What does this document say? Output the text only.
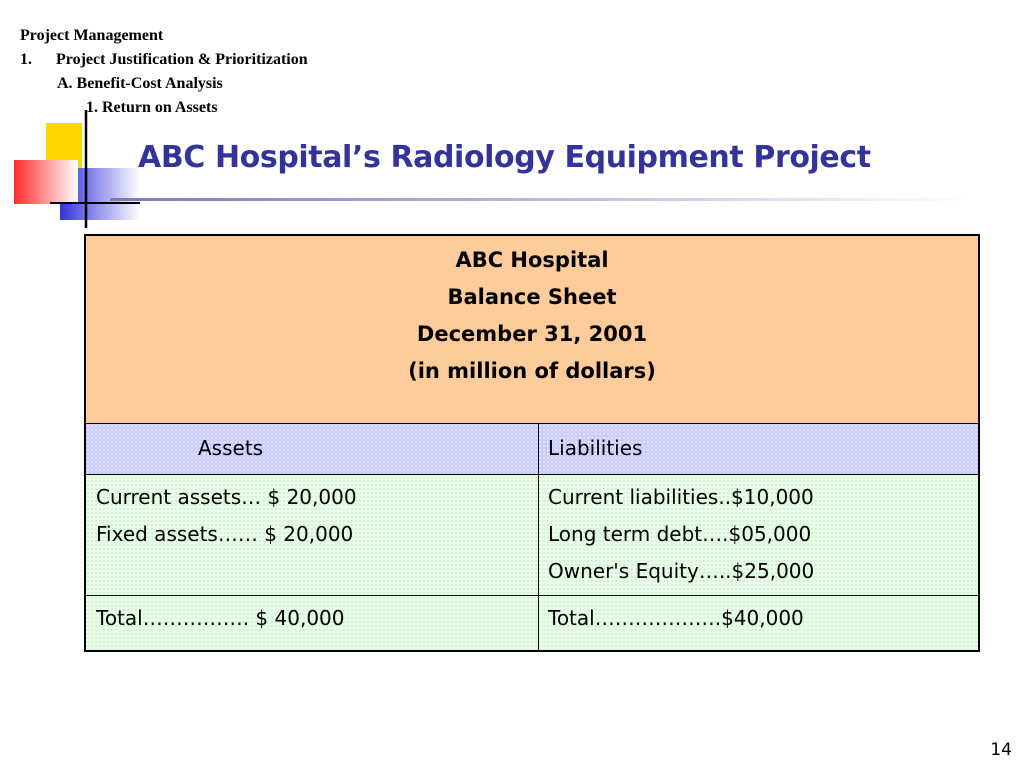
Project Management
1. Project Justification & Prioritization
A. Benefit-Cost Analysis
1. Return on Assets
ABC Hospital’s Radiology Equipment Project
ABC Hospital
Balance Sheet
December 31, 2001
(in million of dollars)
Assets	Liabilities
Current assets… $ 20,000
Fixed assets…… $ 20,000
Current liabilities..$10,000
Long term debt….$05,000
Owner's Equity…..$25,000
Total……………. $ 40,000	Total……………….$40,000
14
